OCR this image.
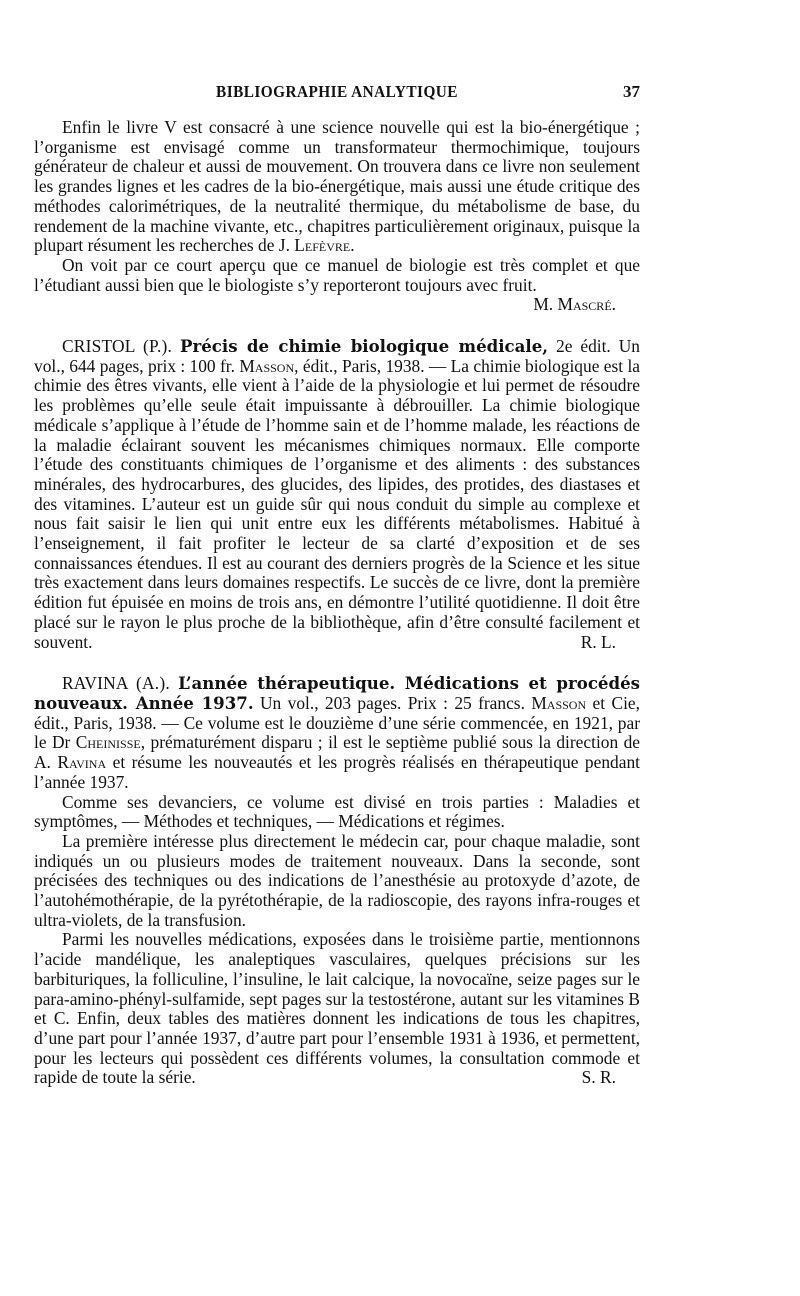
BIBLIOGRAPHIE ANALYTIQUE	37

Enfin le livre V est consacré à une science nouvelle qui est la bio-énergétique ; l’organisme est envisagé comme un transformateur thermochimique, toujours générateur de chaleur et aussi de mouvement. On trouvera dans ce livre non seulement les grandes lignes et les cadres de la bio-énergétique, mais aussi une étude critique des méthodes calorimétriques, de la neutralité thermique, du métabolisme de base, du rendement de la machine vivante, etc., chapitres particulièrement originaux, puisque la plupart résument les recherches de J. Lefèvre.

On voit par ce court aperçu que ce manuel de biologie est très complet et que l’étudiant aussi bien que le biologiste s’y reporteront toujours avec fruit.
M. Mascré.

CRISTOL (P.). Précis de chimie biologique médicale, 2e édit. Un vol., 644 pages, prix : 100 fr. Masson, édit., Paris, 1938. — La chimie biologique est la chimie des êtres vivants, elle vient à l’aide de la physiologie et lui permet de résoudre les problèmes qu’elle seule était impuissante à débrouiller. La chimie biologique médicale s’applique à l’étude de l’homme sain et de l’homme malade, les réactions de la maladie éclairant souvent les mécanismes chimiques normaux. Elle comporte l’étude des constituants chimiques de l’organisme et des aliments : des substances minérales, des hydrocarbures, des glucides, des lipides, des protides, des diastases et des vitamines. L’auteur est un guide sûr qui nous conduit du simple au complexe et nous fait saisir le lien qui unit entre eux les différents métabolismes. Habitué à l’enseignement, il fait profiter le lecteur de sa clarté d’exposition et de ses connaissances étendues. Il est au courant des derniers progrès de la Science et les situe très exactement dans leurs domaines respectifs. Le succès de ce livre, dont la première édition fut épuisée en moins de trois ans, en démontre l’utilité quotidienne. Il doit être placé sur le rayon le plus proche de la bibliothèque, afin d’être consulté facilement et souvent.	R. L.

RAVINA (A.). L’année thérapeutique. Médications et procédés nouveaux. Année 1937. Un vol., 203 pages. Prix : 25 francs. Masson et Cie, édit., Paris, 1938. — Ce volume est le douzième d’une série commencée, en 1921, par le Dr Cheinisse, prématurément disparu ; il est le septième publié sous la direction de A. Ravina et résume les nouveautés et les progrès réalisés en thérapeutique pendant l’année 1937.

Comme ses devanciers, ce volume est divisé en trois parties : Maladies et symptômes, — Méthodes et techniques, — Médications et régimes.

La première intéresse plus directement le médecin car, pour chaque maladie, sont indiqués un ou plusieurs modes de traitement nouveaux. Dans la seconde, sont précisées des techniques ou des indications de l’anesthésie au protoxyde d’azote, de l’autohémothérapie, de la pyrétothérapie, de la radioscopie, des rayons infra-rouges et ultra-violets, de la transfusion.

Parmi les nouvelles médications, exposées dans le troisième partie, mentionnons l’acide mandélique, les analeptiques vasculaires, quelques précisions sur les barbituriques, la folliculine, l’insuline, le lait calcique, la novocaïne, seize pages sur le para-amino-phényl-sulfamide, sept pages sur la testostérone, autant sur les vitamines B et C. Enfin, deux tables des matières donnent les indications de tous les chapitres, d’une part pour l’année 1937, d’autre part pour l’ensemble 1931 à 1936, et permettent, pour les lecteurs qui possèdent ces différents volumes, la consultation commode et rapide de toute la série.	S. R.
